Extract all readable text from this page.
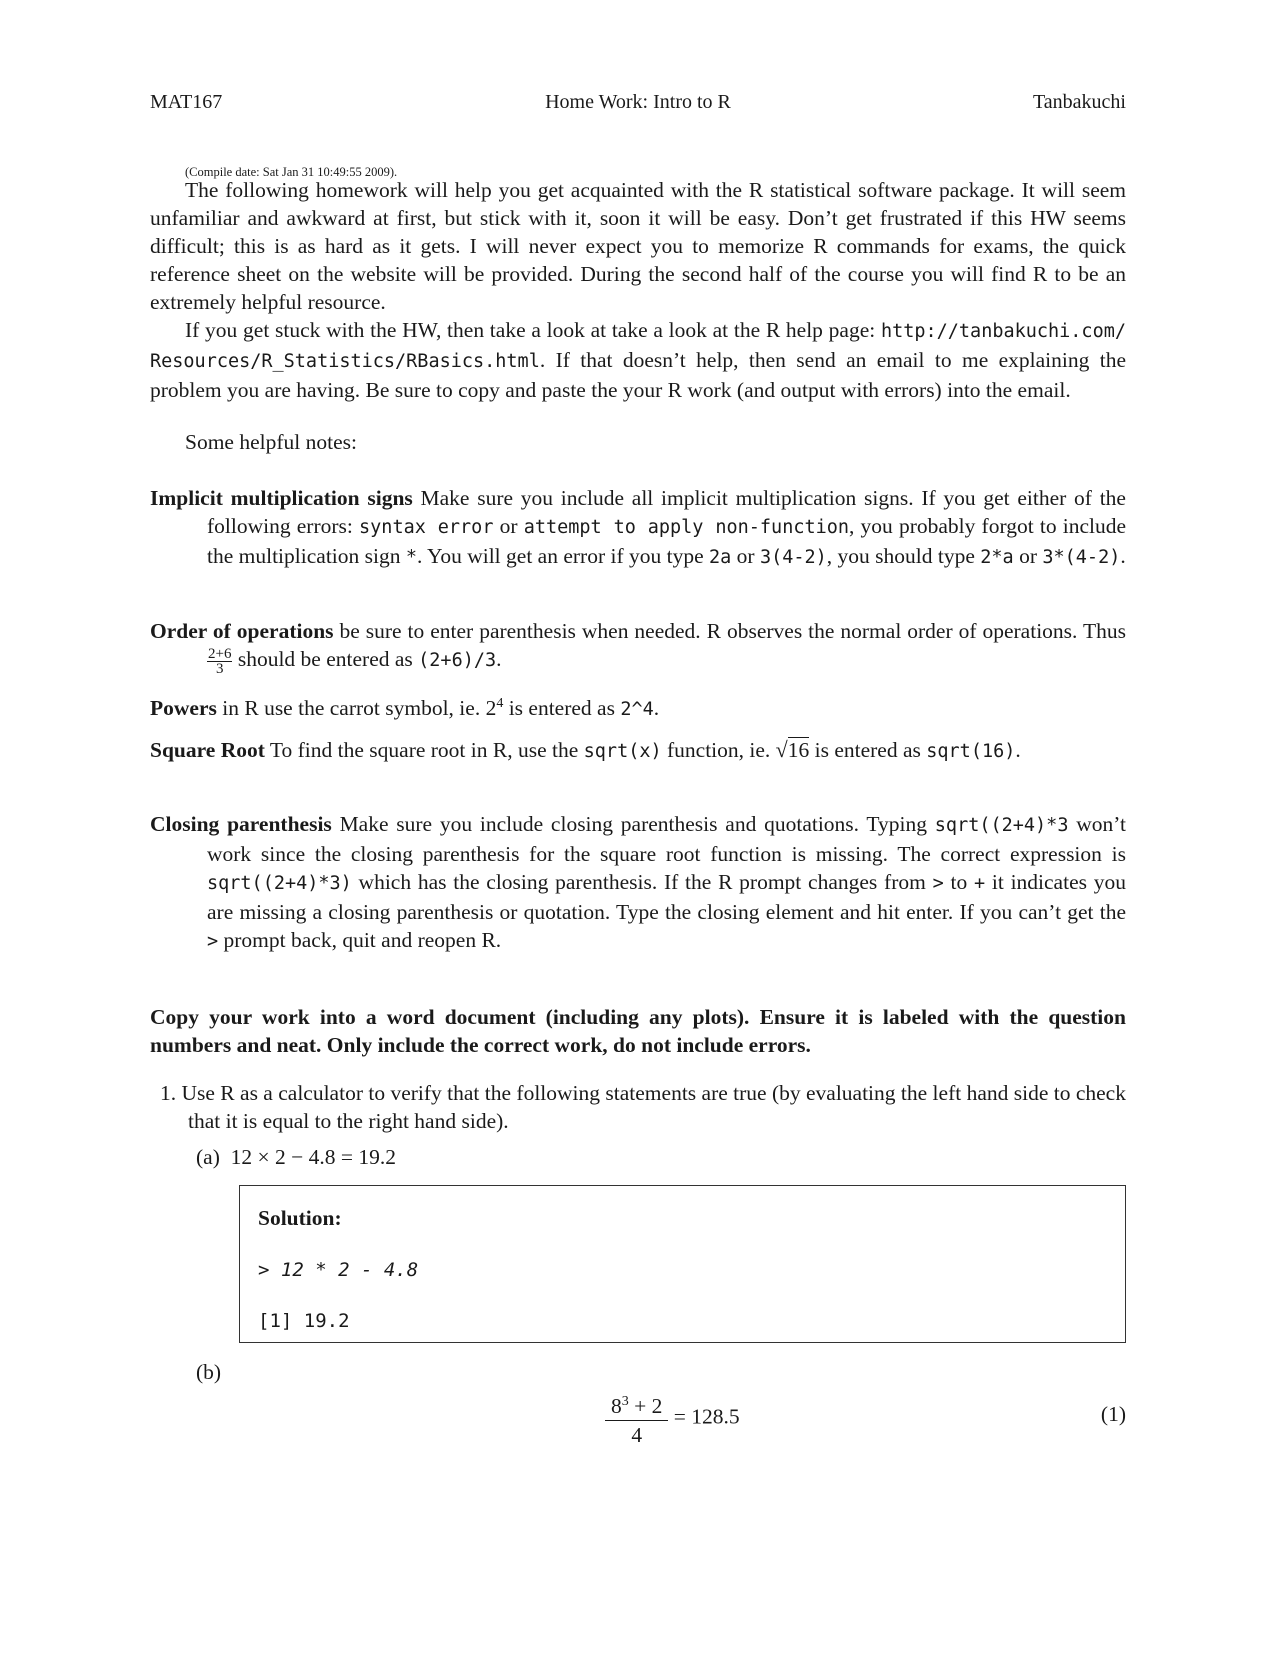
MAT167	Home Work: Intro to R	Tanbakuchi
(Compile date: Sat Jan 31 10:49:55 2009).
The following homework will help you get acquainted with the R statistical software package. It will seem unfamiliar and awkward at first, but stick with it, soon it will be easy. Don’t get frustrated if this HW seems difficult; this is as hard as it gets. I will never expect you to memorize R commands for exams, the quick reference sheet on the website will be provided. During the second half of the course you will find R to be an extremely helpful resource.
If you get stuck with the HW, then take a look at take a look at the R help page: http://tanbakuchi.com/Resources/R_Statistics/RBasics.html. If that doesn’t help, then send an email to me explaining the problem you are having. Be sure to copy and paste the your R work (and output with errors) into the email.
Some helpful notes:
Implicit multiplication signs Make sure you include all implicit multiplication signs. If you get either of the following errors: syntax error or attempt to apply non-function, you probably forgot to include the multiplication sign *. You will get an error if you type 2a or 3(4-2), you should type 2*a or 3*(4-2).
Order of operations be sure to enter parenthesis when needed. R observes the normal order of operations. Thus
$\frac{2+6}{3}$ should be entered as (2+6)/3.
Powers in R use the carrot symbol, ie. $2^4$ is entered as 2^4.
Square Root To find the square root in R, use the sqrt(x) function, ie. √16 is entered as sqrt(16).
Closing parenthesis Make sure you include closing parenthesis and quotations. Typing sqrt((2+4)*3 won’t work since the closing parenthesis for the square root function is missing. The correct expression is sqrt((2+4)*3) which has the closing parenthesis. If the R prompt changes from > to + it indicates you are missing a closing parenthesis or quotation. Type the closing element and hit enter. If you can’t get the > prompt back, quit and reopen R.
Copy your work into a word document (including any plots). Ensure it is labeled with the question numbers and neat. Only include the correct work, do not include errors.
1. Use R as a calculator to verify that the following statements are true (by evaluating the left hand side to check that it is equal to the right hand side).
(a) 12 × 2 − 4.8 = 19.2
Solution:
> 12 * 2 - 4.8
[1] 19.2
(b)
$\frac{8^3 + 2}{4} = 128.5$	(1)
